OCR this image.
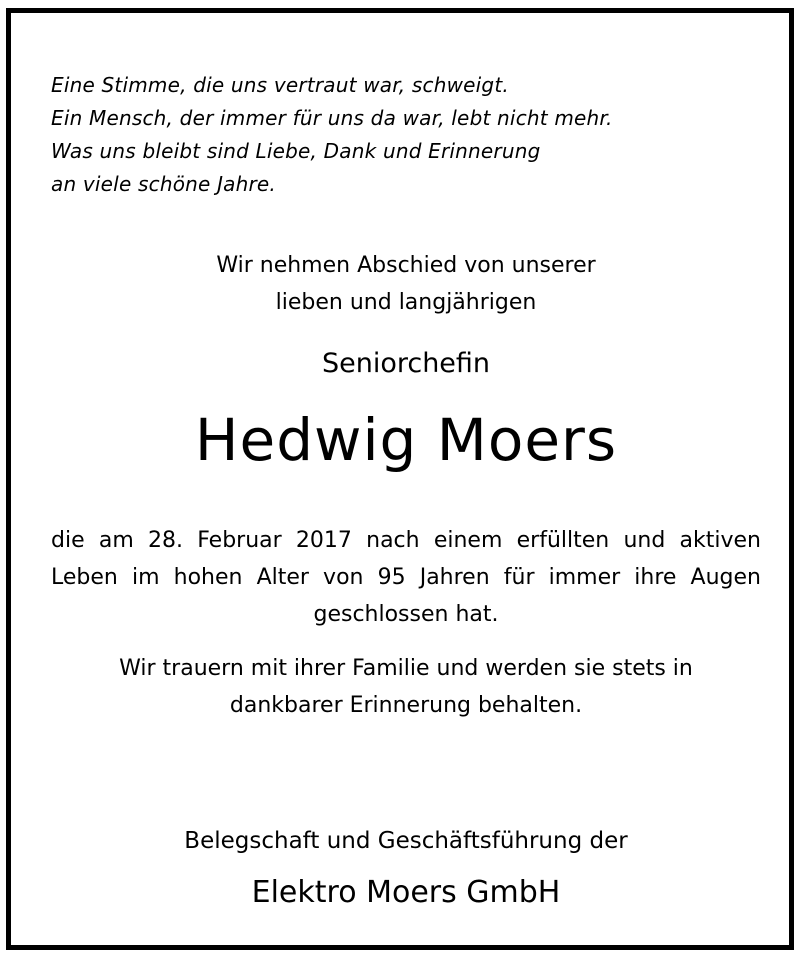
Eine Stimme, die uns vertraut war, schweigt.
Ein Mensch, der immer für uns da war, lebt nicht mehr.
Was uns bleibt sind Liebe, Dank und Erinnerung
an viele schöne Jahre.
Wir nehmen Abschied von unserer
lieben und langjährigen
Seniorchefin
Hedwig Moers
die am 28. Februar 2017 nach einem erfüllten und aktiven Leben im hohen Alter von 95 Jahren für immer ihre Augen geschlossen hat.
Wir trauern mit ihrer Familie und werden sie stets in
dankbarer Erinnerung behalten.
Belegschaft und Geschäftsführung der
Elektro Moers GmbH
